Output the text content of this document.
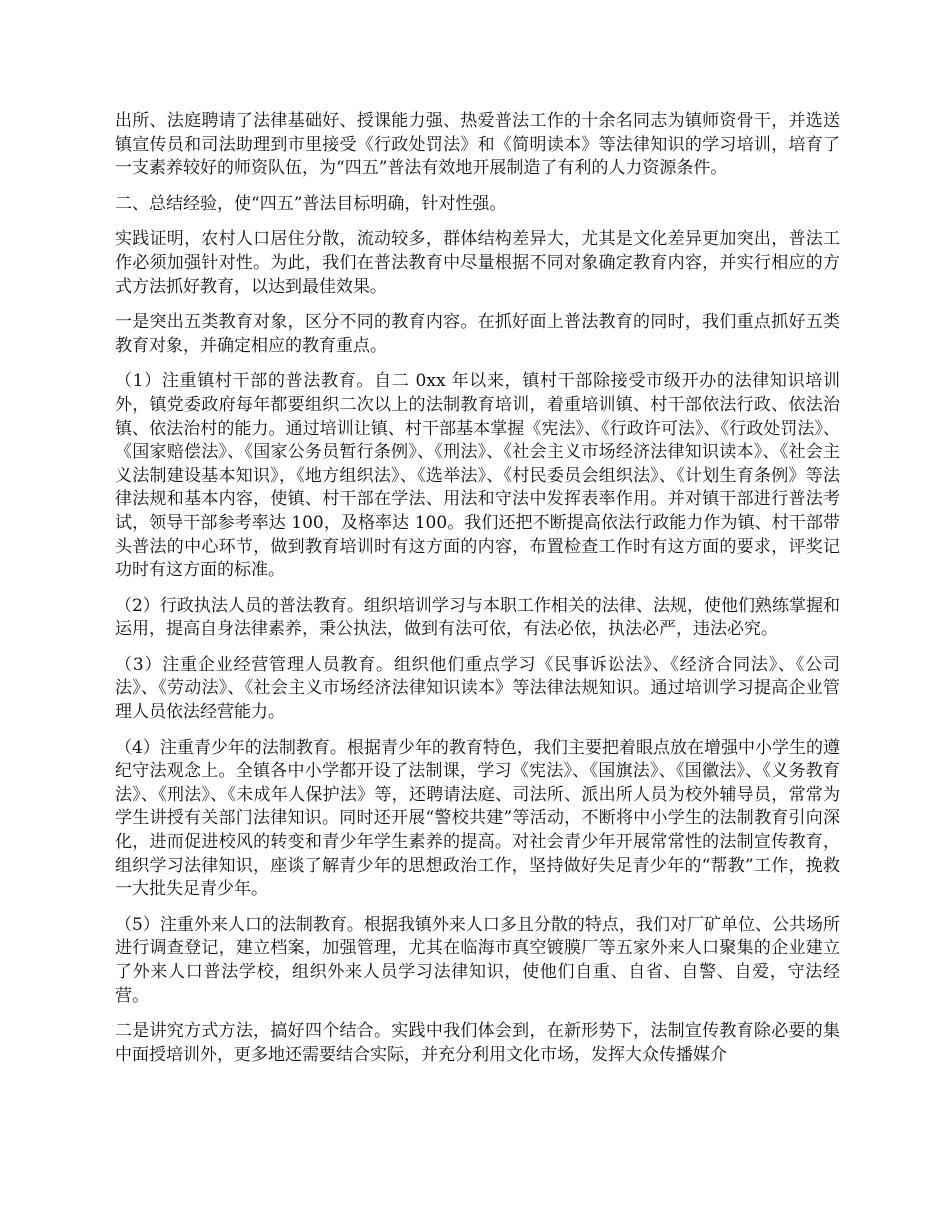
出所、法庭聘请了法律基础好、授课能力强、热爱普法工作的十余名同志为镇师资骨干，并选送镇宣传员和司法助理到市里接受《行政处罚法》和《简明读本》等法律知识的学习培训，培育了一支素养较好的师资队伍，为“四五”普法有效地开展制造了有利的人力资源条件。

二、总结经验，使“四五”普法目标明确，针对性强。

实践证明，农村人口居住分散，流动较多，群体结构差异大，尤其是文化差异更加突出，普法工作必须加强针对性。为此，我们在普法教育中尽量根据不同对象确定教育内容，并实行相应的方式方法抓好教育，以达到最佳效果。

一是突出五类教育对象，区分不同的教育内容。在抓好面上普法教育的同时，我们重点抓好五类教育对象，并确定相应的教育重点。

（1）注重镇村干部的普法教育。自二 0xx 年以来，镇村干部除接受市级开办的法律知识培训外，镇党委政府每年都要组织二次以上的法制教育培训，着重培训镇、村干部依法行政、依法治镇、依法治村的能力。通过培训让镇、村干部基本掌握《宪法》、《行政许可法》、《行政处罚法》、《国家赔偿法》、《国家公务员暂行条例》、《刑法》、《社会主义市场经济法律知识读本》、《社会主义法制建设基本知识》，《地方组织法》、《选举法》、《村民委员会组织法》、《计划生育条例》等法律法规和基本内容，使镇、村干部在学法、用法和守法中发挥表率作用。并对镇干部进行普法考试，领导干部参考率达 100，及格率达 100。我们还把不断提高依法行政能力作为镇、村干部带头普法的中心环节，做到教育培训时有这方面的内容，布置检查工作时有这方面的要求，评奖记功时有这方面的标准。

（2）行政执法人员的普法教育。组织培训学习与本职工作相关的法律、法规，使他们熟练掌握和运用，提高自身法律素养，秉公执法，做到有法可依，有法必依，执法必严，违法必究。

（3）注重企业经营管理人员教育。组织他们重点学习《民事诉讼法》、《经济合同法》、《公司法》、《劳动法》、《社会主义市场经济法律知识读本》等法律法规知识。通过培训学习提高企业管理人员依法经营能力。

（4）注重青少年的法制教育。根据青少年的教育特色，我们主要把着眼点放在增强中小学生的遵纪守法观念上。全镇各中小学都开设了法制课，学习《宪法》、《国旗法》、《国徽法》、《义务教育法》、《刑法》、《未成年人保护法》等，还聘请法庭、司法所、派出所人员为校外辅导员，常常为学生讲授有关部门法律知识。同时还开展“警校共建”等活动，不断将中小学生的法制教育引向深化，进而促进校风的转变和青少年学生素养的提高。对社会青少年开展常常性的法制宣传教育，组织学习法律知识，座谈了解青少年的思想政治工作，坚持做好失足青少年的“帮教”工作，挽救一大批失足青少年。

（5）注重外来人口的法制教育。根据我镇外来人口多且分散的特点，我们对厂矿单位、公共场所进行调查登记，建立档案，加强管理，尤其在临海市真空镀膜厂等五家外来人口聚集的企业建立了外来人口普法学校，组织外来人员学习法律知识，使他们自重、自省、自警、自爱，守法经营。

二是讲究方式方法，搞好四个结合。实践中我们体会到，在新形势下，法制宣传教育除必要的集中面授培训外，更多地还需要结合实际，并充分利用文化市场，发挥大众传播媒介
